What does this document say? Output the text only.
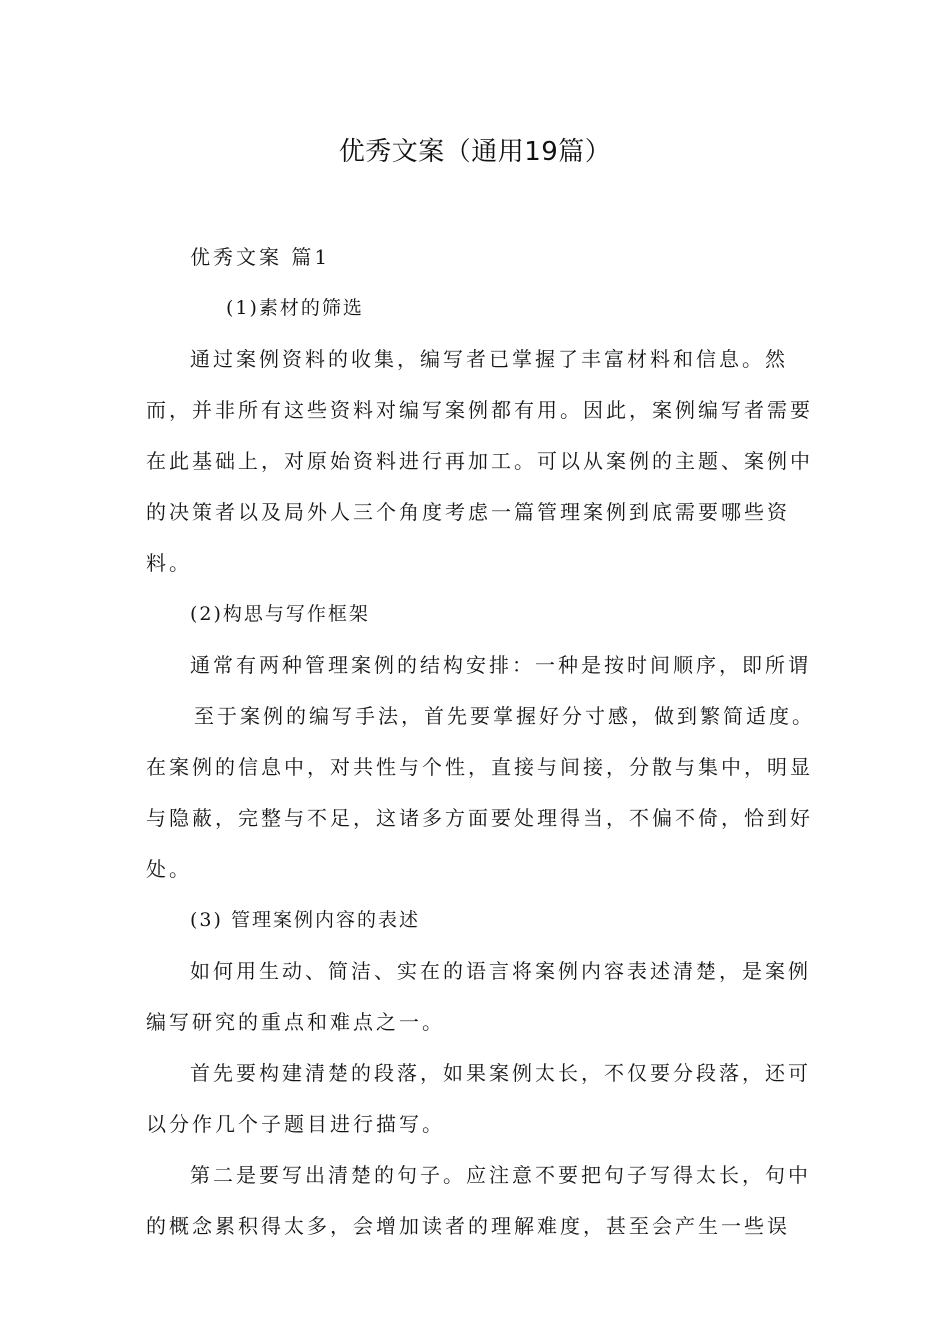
优秀文案（通用19篇）
优秀文案 篇1
(1)素材的筛选
通过案例资料的收集，编写者已掌握了丰富材料和信息。然
而，并非所有这些资料对编写案例都有用。因此，案例编写者需要
在此基础上，对原始资料进行再加工。可以从案例的主题、案例中
的决策者以及局外人三个角度考虑一篇管理案例到底需要哪些资
料。
(2)构思与写作框架
通常有两种管理案例的结构安排：一种是按时间顺序，即所谓
至于案例的编写手法，首先要掌握好分寸感，做到繁简适度。
在案例的信息中，对共性与个性，直接与间接，分散与集中，明显
与隐蔽，完整与不足，这诸多方面要处理得当，不偏不倚，恰到好
处。
(3) 管理案例内容的表述
如何用生动、简洁、实在的语言将案例内容表述清楚，是案例
编写研究的重点和难点之一。
首先要构建清楚的段落，如果案例太长，不仅要分段落，还可
以分作几个子题目进行描写。
第二是要写出清楚的句子。应注意不要把句子写得太长，句中
的概念累积得太多，会增加读者的理解难度，甚至会产生一些误
